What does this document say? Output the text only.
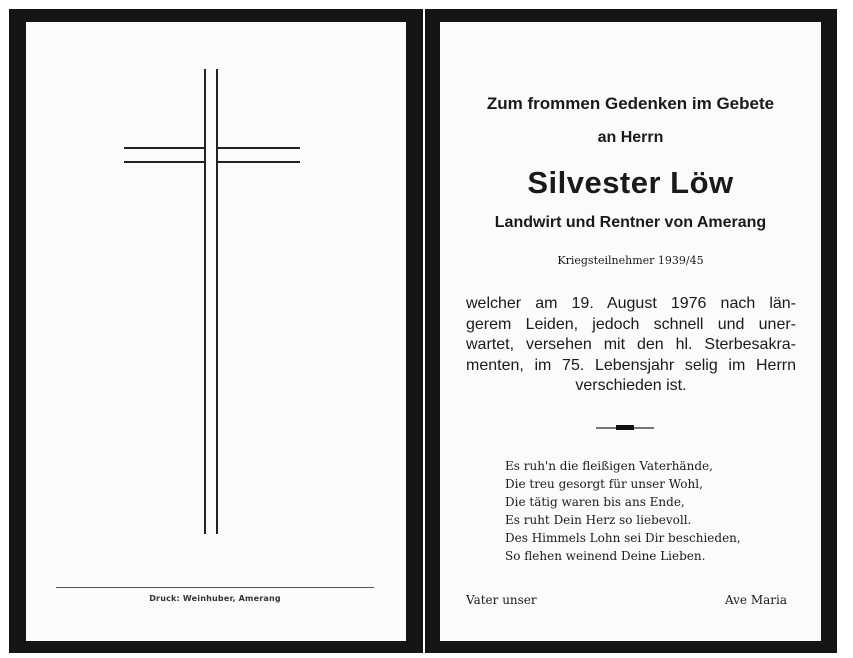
Druck: Weinhuber, Amerang
Zum frommen Gedenken im Gebete
an Herrn
Silvester Löw
Landwirt und Rentner von Amerang
Kriegsteilnehmer 1939/45
welcher am 19. August 1976 nach län-
gerem Leiden, jedoch schnell und uner-
wartet, versehen mit den hl. Sterbesakra-
menten, im 75. Lebensjahr selig im Herrn
verschieden ist.
Es ruh'n die fleißigen Vaterhände,
Die treu gesorgt für unser Wohl,
Die tätig waren bis ans Ende,
Es ruht Dein Herz so liebevoll.
Des Himmels Lohn sei Dir beschieden,
So flehen weinend Deine Lieben.
Vater unser	Ave Maria
